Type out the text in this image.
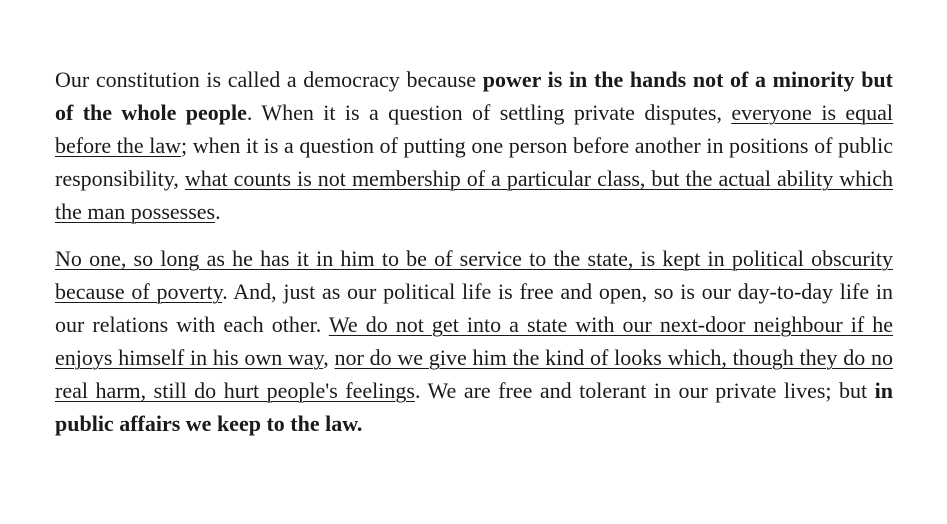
Our constitution is called a democracy because power is in the hands not of a minority but of the whole people. When it is a question of settling private disputes, everyone is equal before the law; when it is a question of putting one person before another in positions of public responsibility, what counts is not membership of a particular class, but the actual ability which the man possesses.

No one, so long as he has it in him to be of service to the state, is kept in political obscurity because of poverty. And, just as our political life is free and open, so is our day-to-day life in our relations with each other. We do not get into a state with our next-door neighbour if he enjoys himself in his own way, nor do we give him the kind of looks which, though they do no real harm, still do hurt people's feelings. We are free and tolerant in our private lives; but in public affairs we keep to the law.
